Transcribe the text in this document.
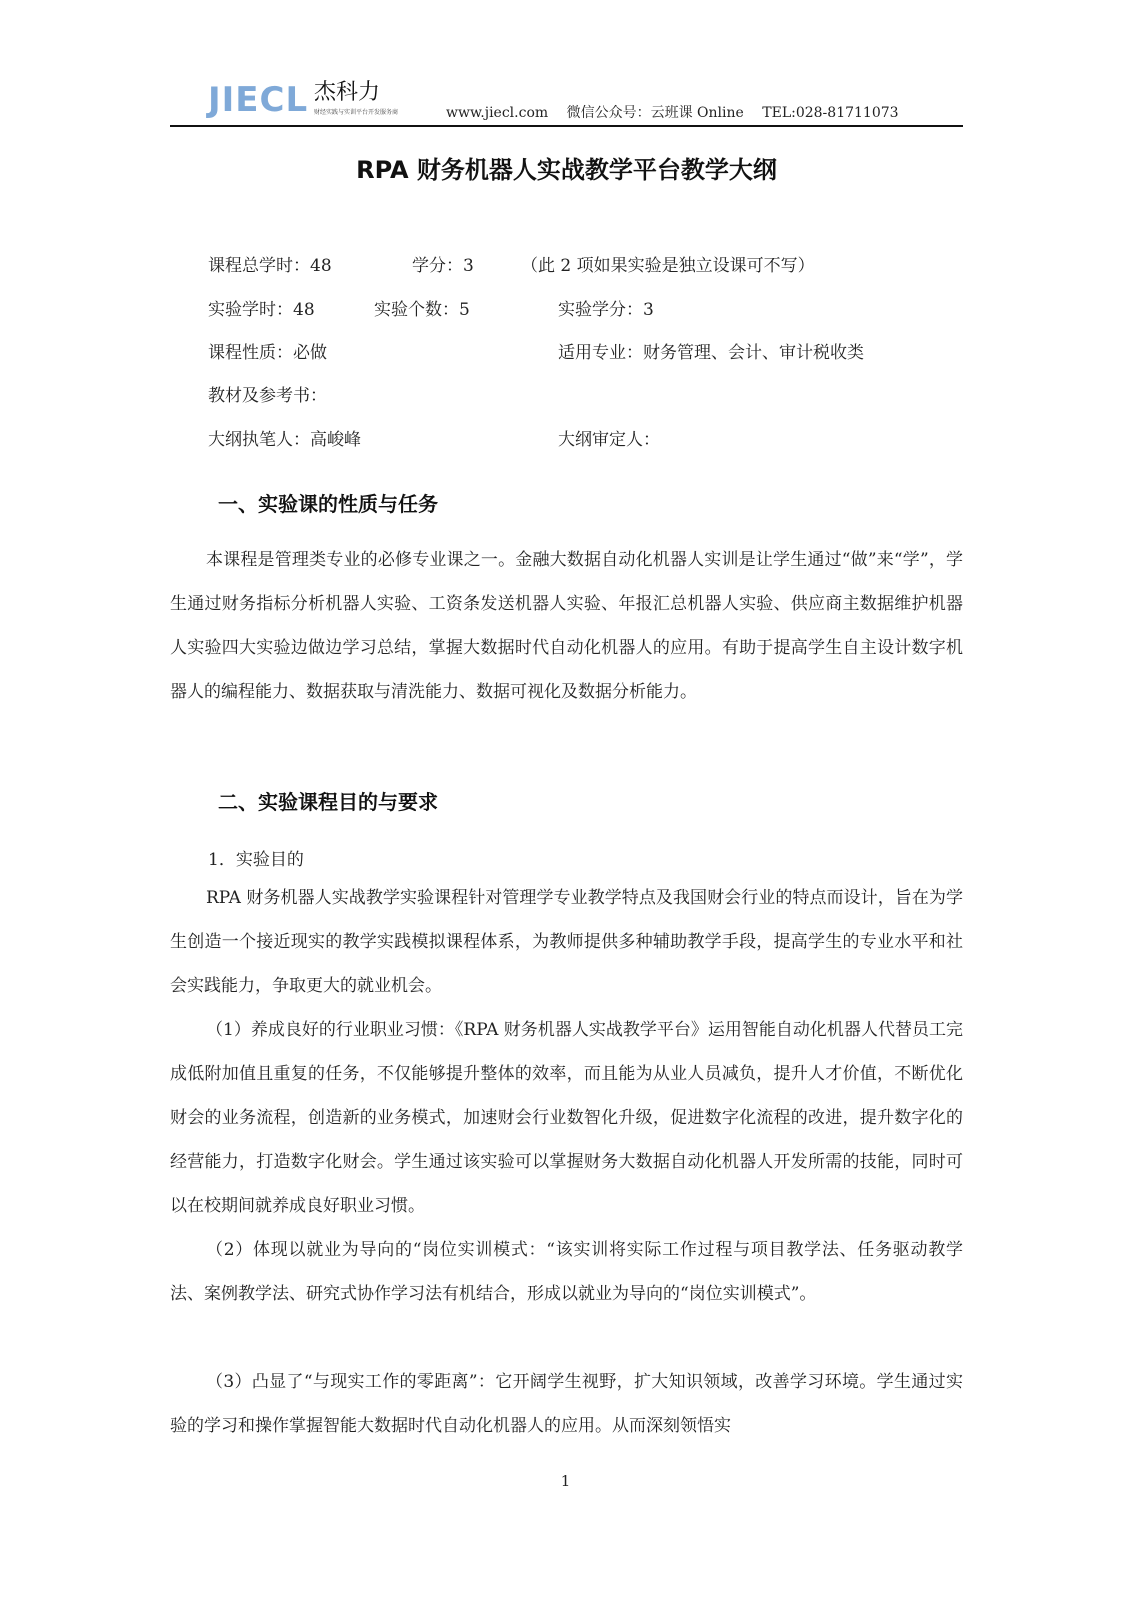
JIECL 杰科力
财经实践与实训平台开发服务商	www.jiecl.com 微信公众号：云班课 Online TEL:028-81711073
RPA 财务机器人实战教学平台教学大纲
课程总学时：48	学分：3	（此 2 项如果实验是独立设课可不写）
实验学时：48	实验个数：5	实验学分：3
课程性质：必做	适用专业：财务管理、会计、审计税收类
教材及参考书：
大纲执笔人：高峻峰	大纲审定人：
一、实验课的性质与任务
本课程是管理类专业的必修专业课之一。金融大数据自动化机器人实训是让学生通过“做”来“学”，学生通过财务指标分析机器人实验、工资条发送机器人实验、年报汇总机器人实验、供应商主数据维护机器人实验四大实验边做边学习总结，掌握大数据时代自动化机器人的应用。有助于提高学生自主设计数字机器人的编程能力、数据获取与清洗能力、数据可视化及数据分析能力。
二、实验课程目的与要求
1．实验目的
RPA 财务机器人实战教学实验课程针对管理学专业教学特点及我国财会行业的特点而设计，旨在为学生创造一个接近现实的教学实践模拟课程体系，为教师提供多种辅助教学手段，提高学生的专业水平和社会实践能力，争取更大的就业机会。
（1）养成良好的行业职业习惯：《RPA 财务机器人实战教学平台》运用智能自动化机器人代替员工完成低附加值且重复的任务，不仅能够提升整体的效率，而且能为从业人员减负，提升人才价值，不断优化财会的业务流程，创造新的业务模式，加速财会行业数智化升级，促进数字化流程的改进，提升数字化的经营能力，打造数字化财会。学生通过该实验可以掌握财务大数据自动化机器人开发所需的技能，同时可以在校期间就养成良好职业习惯。
（2）体现以就业为导向的“岗位实训模式：“该实训将实际工作过程与项目教学法、任务驱动教学法、案例教学法、研究式协作学习法有机结合，形成以就业为导向的“岗位实训模式”。
（3）凸显了“与现实工作的零距离”：它开阔学生视野，扩大知识领域，改善学习环境。学生通过实验的学习和操作掌握智能大数据时代自动化机器人的应用。从而深刻领悟实
1
